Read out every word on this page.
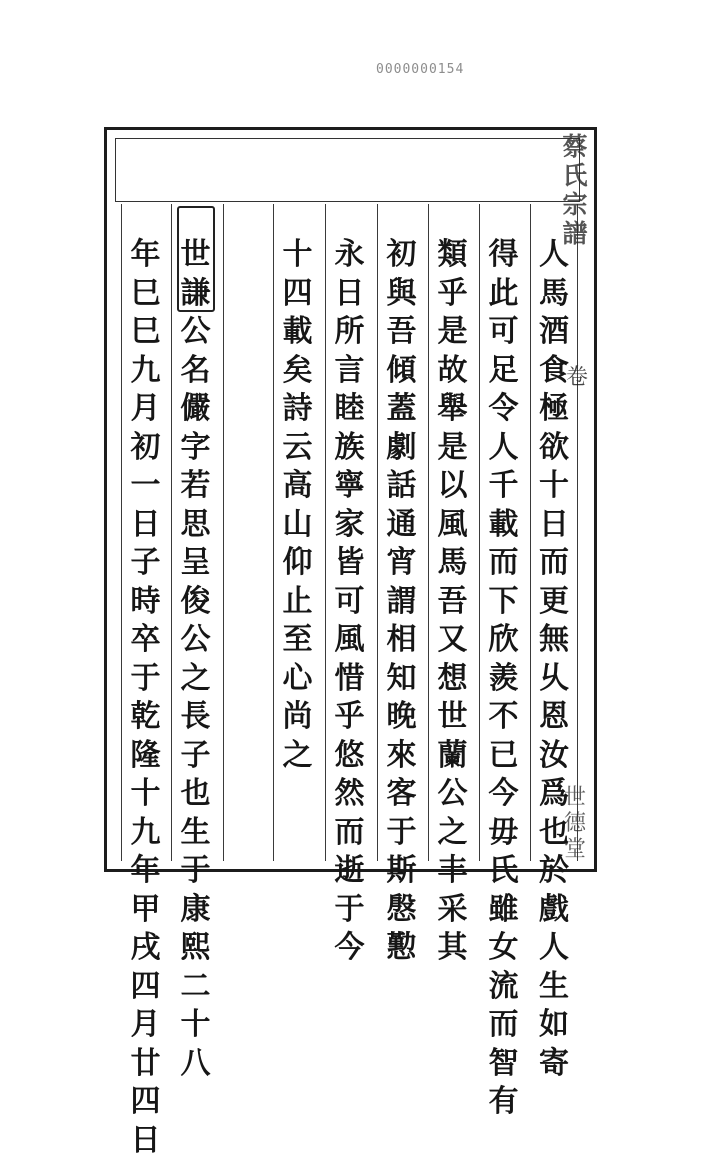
0000000154
人
馬
酒
食
極
欲
十
日
而
更
無
乆
恩
汝
爲
也
於
戲
人
生
如
寄
得
此
可
足
令
人
千
載
而
下
欣
羨
不
已
今
毋
氏
雖
女
流
而
智
有
類
乎
是
故
舉
是
以
風
馬
吾
又
想
世
蘭
公
之
丰
采
其
初
與
吾
傾
蓋
劇
話
通
宵
謂
相
知
晚
來
客
于
斯
慇
懃
永
日
所
言
睦
族
寧
家
皆
可
風
惜
乎
悠
然
而
逝
于
今
十
四
載
矣
詩
云
高
山
仰
止
至
心
尚
之
世
謙
公
名
儼
字
若
思
呈
俊
公
之
長
子
也
生
于
康
熙
二
十
八
年
巳
巳
九
月
初
一
日
子
時
卒
于
乾
隆
十
九
年
甲
戌
四
月
廿
四
日
蔡
氏
宗
譜
卷
世
德
堂
